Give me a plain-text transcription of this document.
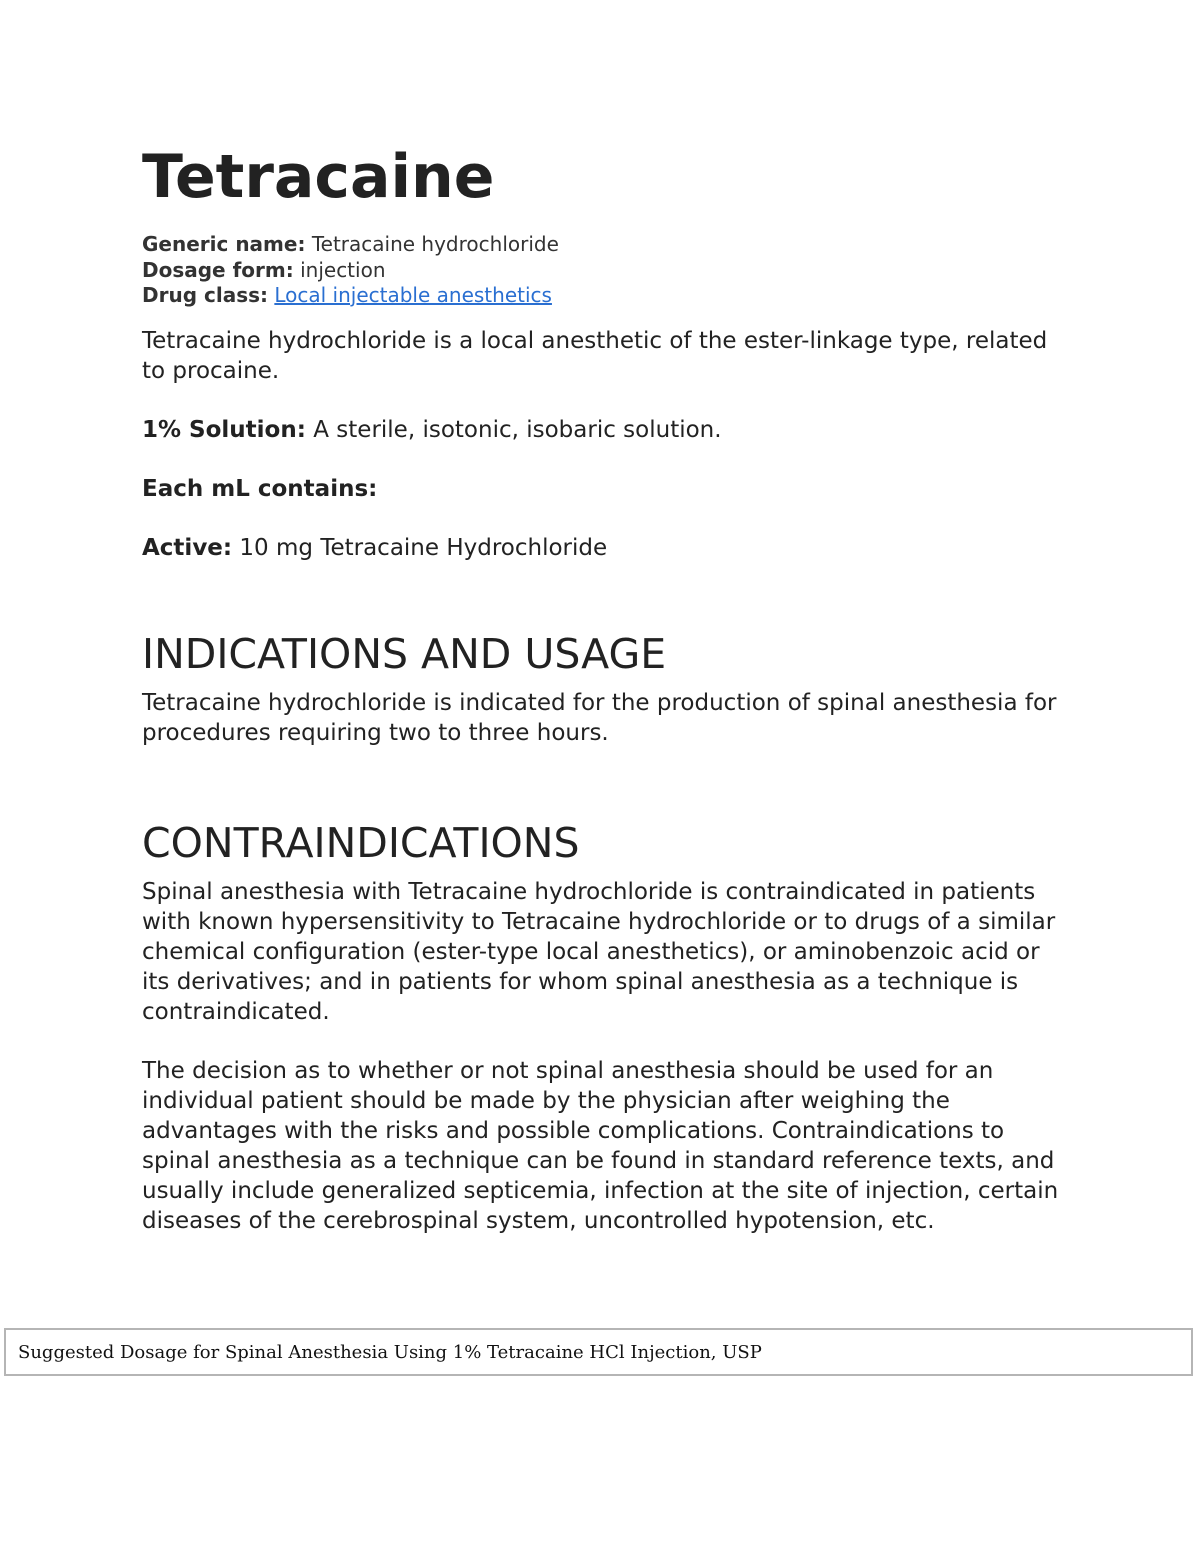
Tetracaine
Generic name: Tetracaine hydrochloride
Dosage form: injection
Drug class: Local injectable anesthetics

Tetracaine hydrochloride is a local anesthetic of the ester-linkage type, related to procaine.

1% Solution: A sterile, isotonic, isobaric solution.

Each mL contains:

Active: 10 mg Tetracaine Hydrochloride

INDICATIONS AND USAGE

Tetracaine hydrochloride is indicated for the production of spinal anesthesia for procedures requiring two to three hours.

CONTRAINDICATIONS

Spinal anesthesia with Tetracaine hydrochloride is contraindicated in patients with known hypersensitivity to Tetracaine hydrochloride or to drugs of a similar chemical configuration (ester-type local anesthetics), or aminobenzoic acid or its derivatives; and in patients for whom spinal anesthesia as a technique is contraindicated.

The decision as to whether or not spinal anesthesia should be used for an individual patient should be made by the physician after weighing the advantages with the risks and possible complications. Contraindications to spinal anesthesia as a technique can be found in standard reference texts, and usually include generalized septicemia, infection at the site of injection, certain diseases of the cerebrospinal system, uncontrolled hypotension, etc.

Suggested Dosage for Spinal Anesthesia Using 1% Tetracaine HCl Injection, USP
